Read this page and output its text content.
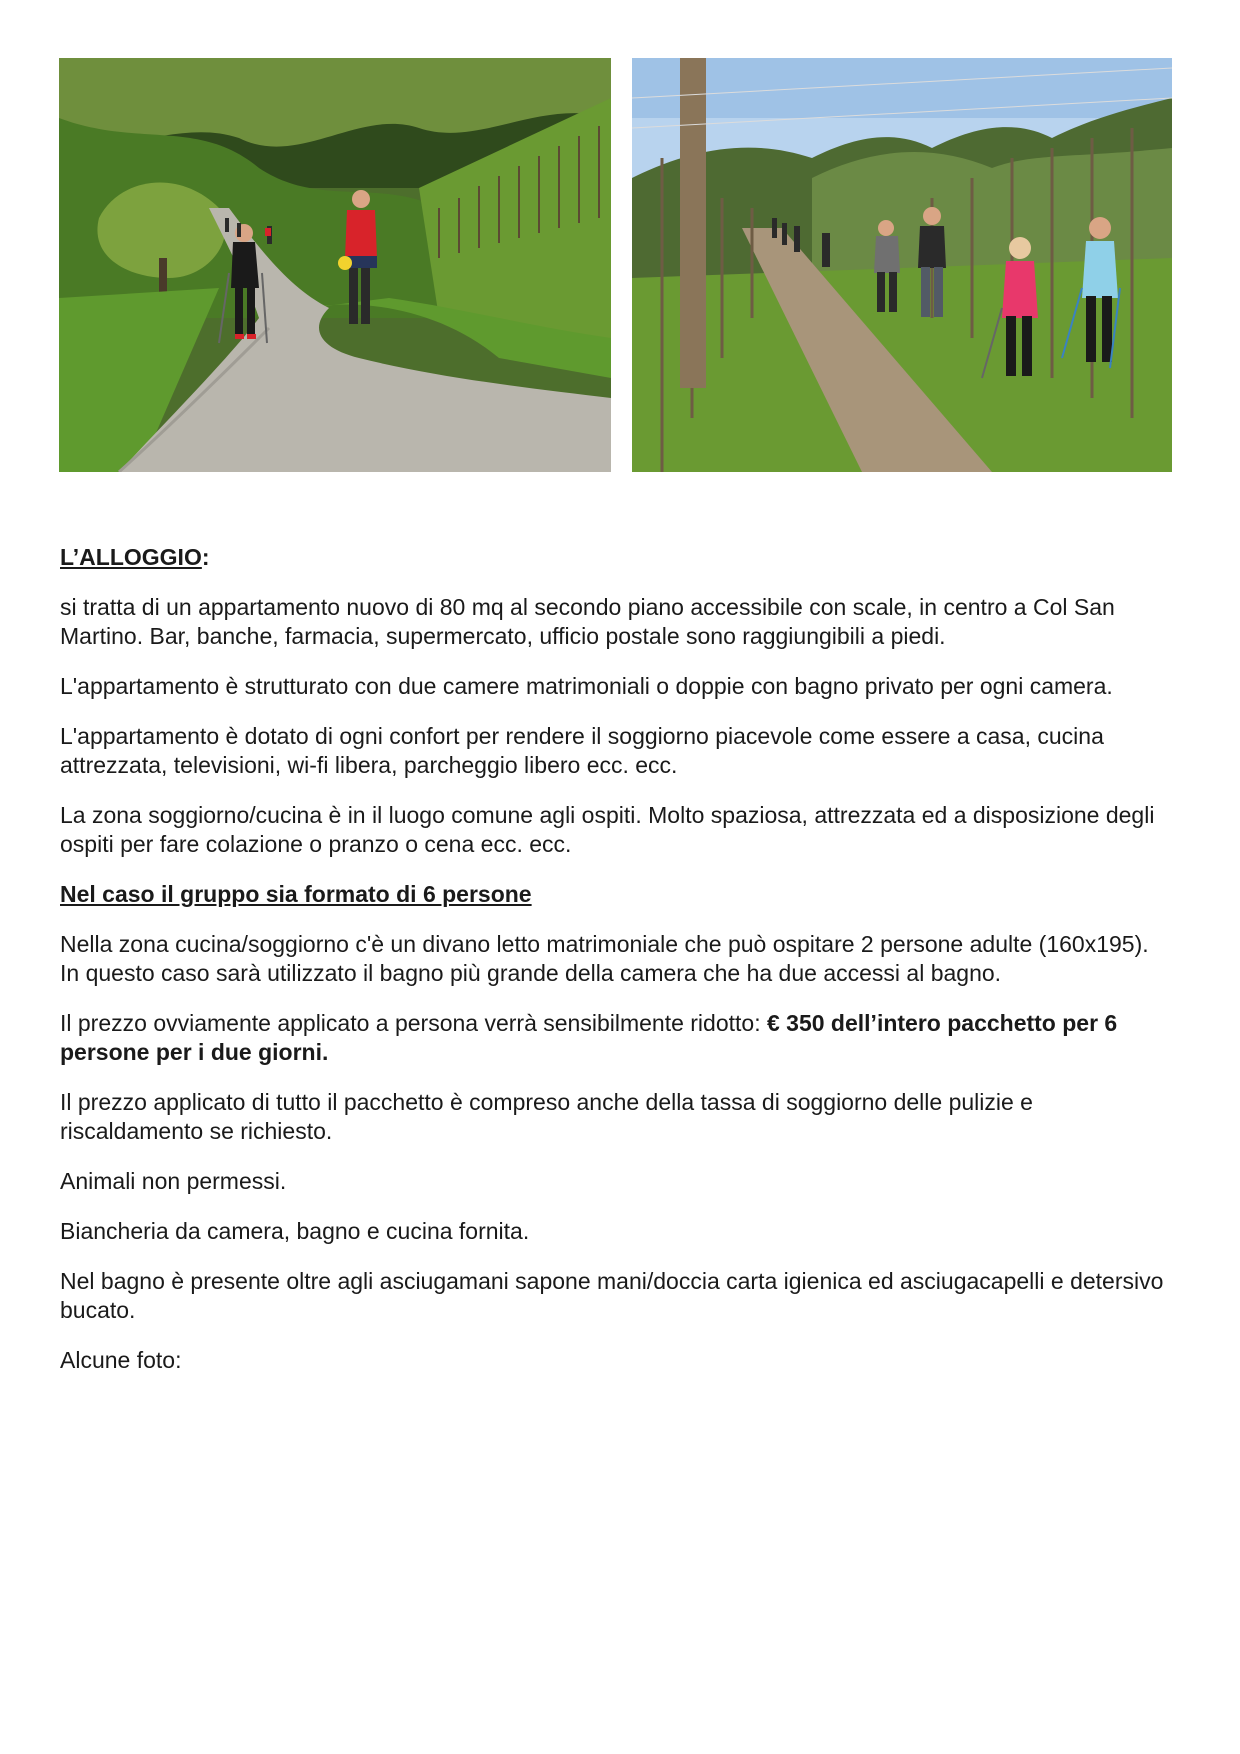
L’ALLOGGIO:

si tratta di un appartamento nuovo di 80 mq al secondo piano accessibile con scale, in centro a Col San Martino. Bar, banche, farmacia, supermercato, ufficio postale sono raggiungibili a piedi.

L'appartamento è strutturato con due camere matrimoniali o doppie con bagno privato per ogni camera.

L'appartamento è dotato di ogni confort per rendere il soggiorno piacevole come essere a casa, cucina attrezzata, televisioni, wi-fi libera, parcheggio libero ecc. ecc.

La zona soggiorno/cucina è in il luogo comune agli ospiti. Molto spaziosa, attrezzata ed a disposizione degli ospiti per fare colazione o pranzo o cena ecc. ecc.

Nel caso il gruppo sia formato di 6 persone

Nella zona cucina/soggiorno c'è un divano letto matrimoniale che può ospitare 2 persone adulte (160x195). In questo caso sarà utilizzato il bagno più grande della camera che ha due accessi al bagno.

Il prezzo ovviamente applicato a persona verrà sensibilmente ridotto: € 350 dell’intero pacchetto per 6 persone per i due giorni.

Il prezzo applicato di tutto il pacchetto è compreso anche della tassa di soggiorno delle pulizie e riscaldamento se richiesto.

Animali non permessi.

Biancheria da camera, bagno e cucina fornita.

Nel bagno è presente oltre agli asciugamani sapone mani/doccia carta igienica ed asciugacapelli e detersivo bucato.

Alcune foto:
